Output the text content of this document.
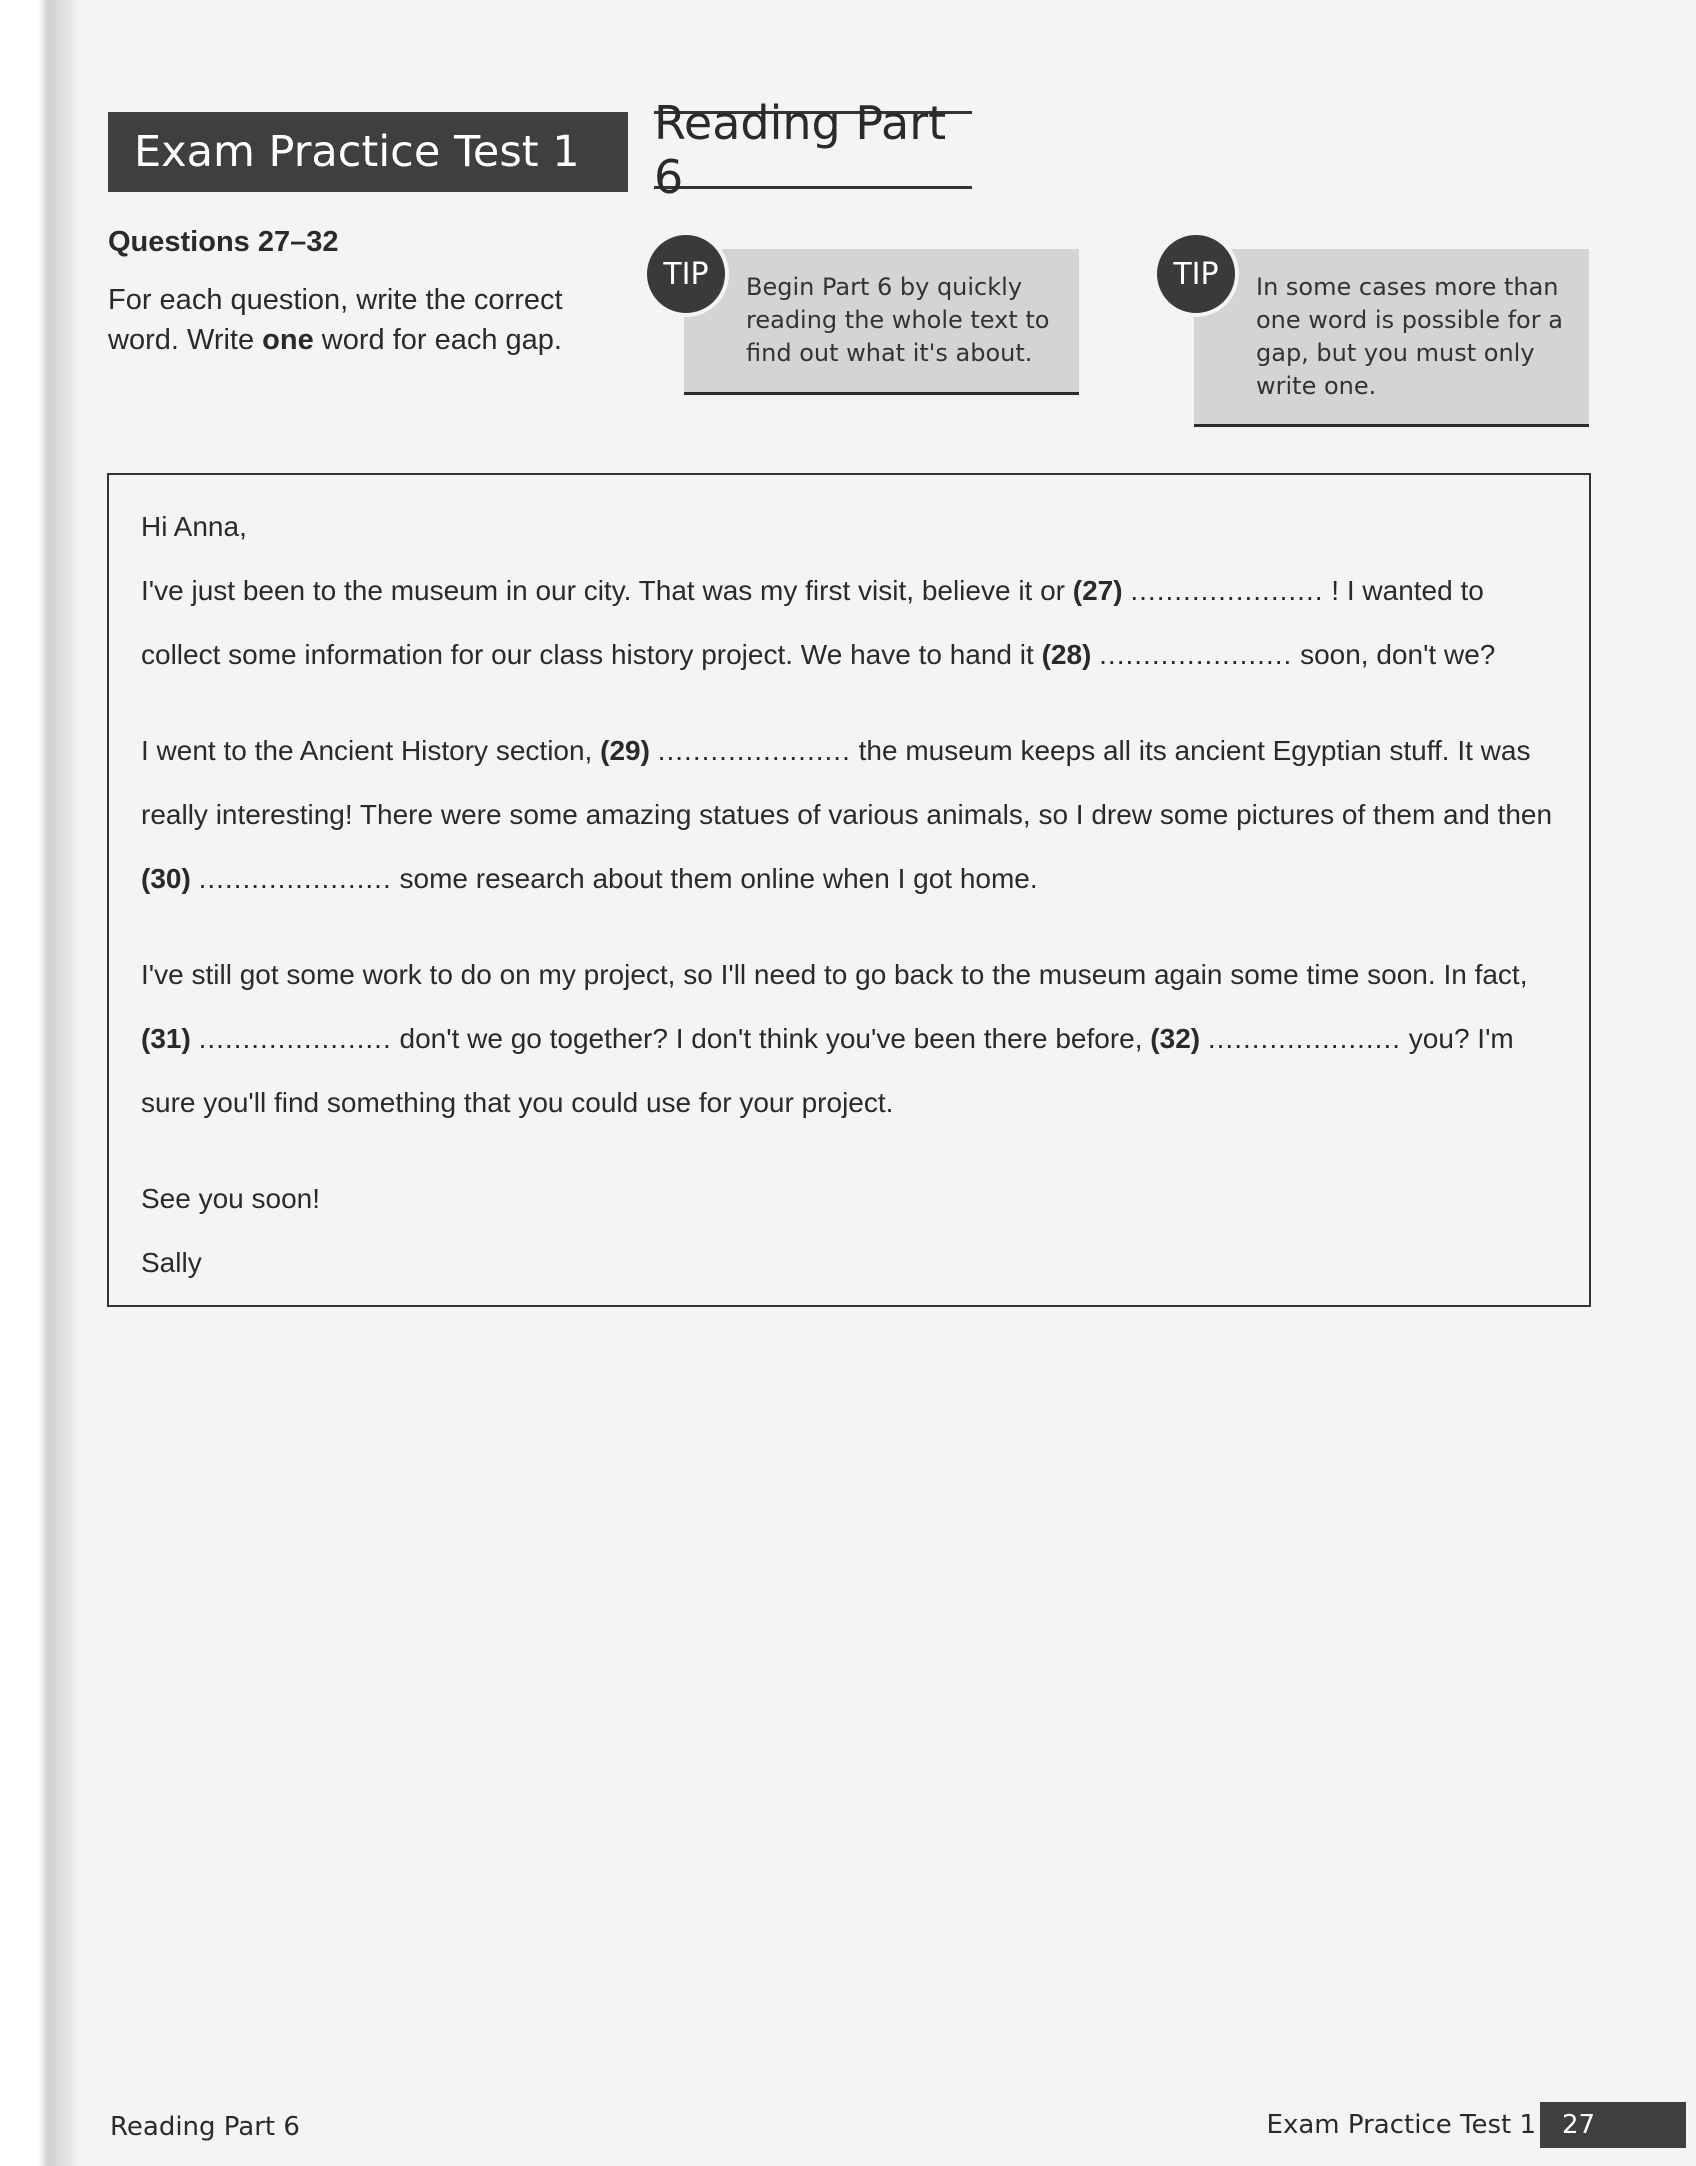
Exam Practice Test 1
Reading Part 6
Questions 27–32
For each question, write the correct word. Write one word for each gap.
Begin Part 6 by quickly reading the whole text to find out what it's about.
TIP	In some cases more than one word is possible for a gap, but you must only write one.
TIP

Hi Anna,

I've just been to the museum in our city. That was my first visit, believe it or (27) ...................... ! I wanted to collect some information for our class history project. We have to hand it (28) ...................... soon, don't we?

I went to the Ancient History section, (29) ...................... the museum keeps all its ancient Egyptian stuff. It was really interesting! There were some amazing statues of various animals, so I drew some pictures of them and then (30) ...................... some research about them online when I got home.

I've still got some work to do on my project, so I'll need to go back to the museum again some time soon. In fact, (31) ...................... don't we go together? I don't think you've been there before, (32) ...................... you? I'm sure you'll find something that you could use for your project.

See you soon!

Sally

Reading Part 6	Exam Practice Test 1 27
